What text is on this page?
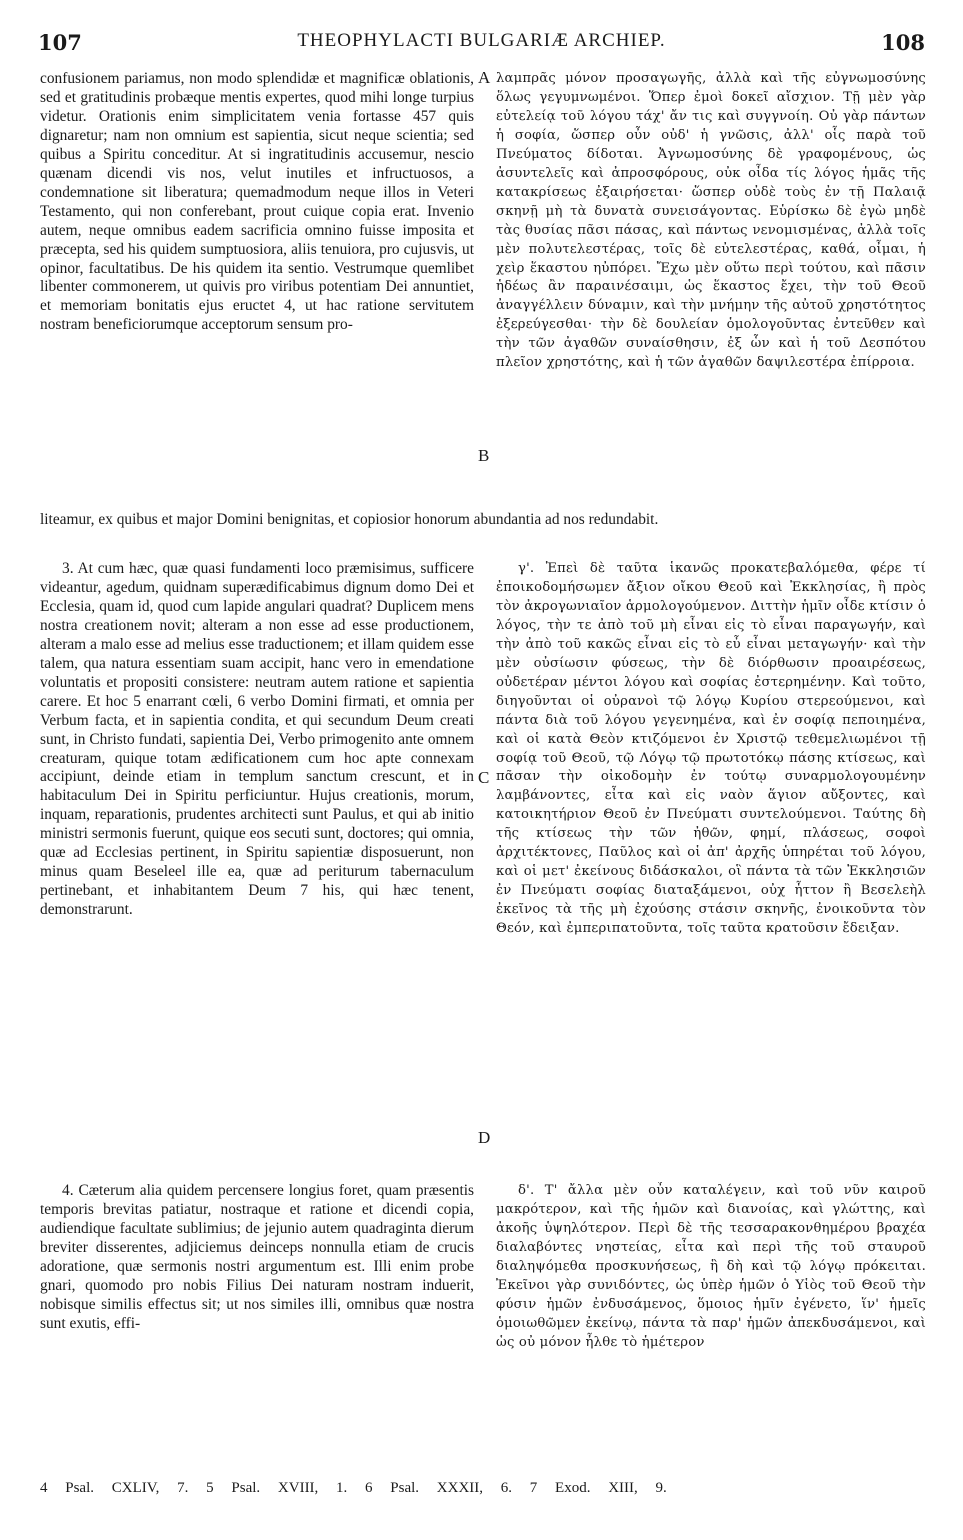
107	THEOPHYLACTI BULGARIÆ ARCHIEP.	108

confusionem pariamus, non modo splendidæ et magnificæ oblationis, sed et gratitudinis probæque mentis expertes, quod mihi longe turpius videtur. Orationis enim simplicitatem venia fortasse 457 quis dignaretur; nam non omnium est sapientia, sicut neque scientia; sed quibus a Spiritu conceditur. At si ingratitudinis accusemur, nescio quænam dicendi vis nos, velut inutiles et infructuosos, a condemnatione sit liberatura; quemadmodum neque illos in Veteri Testamento, qui non conferebant, prout cuique copia erat. Invenio autem, neque omnibus eadem sacrificia omnino fuisse imposita et præcepta, sed his quidem sumptuosiora, aliis tenuiora, pro cujusvis, ut opinor, facultatibus. De his quidem ita sentio. Vestrumque quemlibet libenter commonerem, ut quivis pro viribus potentiam Dei annuntiet, et memoriam bonitatis ejus eructet 4, ut hac ratione servitutem nostram beneficiorumque acceptorum sensum pro-

λαμπρᾶς μόνον προσαγωγῆς, ἀλλὰ καὶ τῆς εὐγνωμοσύνης ὅλως γεγυμνωμένοι. Ὅπερ ἐμοὶ δοκεῖ αἴσχιον. Τῇ μὲν γὰρ εὐτελείᾳ τοῦ λόγου τάχ' ἄν τις καὶ συγγνοίη. Οὐ γὰρ πάντων ἡ σοφία, ὥσπερ οὖν οὐδ' ἡ γνῶσις, ἀλλ' οἷς παρὰ τοῦ Πνεύματος δίδοται. Ἀγνωμοσύνης δὲ γραφομένους, ὡς ἀσυντελεῖς καὶ ἀπροσφόρους, οὐκ οἶδα τίς λόγος ἡμᾶς τῆς κατακρίσεως ἐξαιρήσεται· ὥσπερ οὐδὲ τοὺς ἐν τῇ Παλαιᾷ σκηνῇ μὴ τὰ δυνατὰ συνεισάγοντας. Εὑρίσκω δὲ ἐγὼ μηδὲ τὰς θυσίας πᾶσι πάσας, καὶ πάντως νενομισμένας, ἀλλὰ τοῖς μὲν πολυτελεστέρας, τοῖς δὲ εὐτελεστέρας, καθά, οἶμαι, ἡ χεὶρ ἕκαστου ηὐπόρει. Ἔχω μὲν οὕτω περὶ τούτου, καὶ πᾶσιν ἡδέως ἂν παραινέσαιμι, ὡς ἕκαστος ἔχει, τὴν τοῦ Θεοῦ ἀναγγέλλειν δύναμιν, καὶ τὴν μνήμην τῆς αὐτοῦ χρηστότητος ἐξερεύγεσθαι· τὴν δὲ δουλείαν ὁμολογοῦντας ἐντεῦθεν καὶ τὴν τῶν ἀγαθῶν συναίσθησιν, ἐξ ὧν καὶ ἡ τοῦ Δεσπότου πλεῖον χρηστότης, καὶ ἡ τῶν ἀγαθῶν δαψιλεστέρα ἐπίρροια.

liteamur, ex quibus et major Domini benignitas, et copiosior honorum abundantia ad nos redundabit.

3. At cum hæc, quæ quasi fundamenti loco præmisimus, sufficere videantur, agedum, quidnam superædificabimus dignum domo Dei et Ecclesia, quam id, quod cum lapide angulari quadrat? Duplicem mens nostra creationem novit; alteram a non esse ad esse productionem, alteram a malo esse ad melius esse traductionem; et illam quidem esse talem, qua natura essentiam suam accipit, hanc vero in emendatione voluntatis et propositi consistere: neutram autem ratione et sapientia carere. Et hoc 5 enarrant cœli, 6 verbo Domini firmati, et omnia per Verbum facta, et in sapientia condita, et qui secundum Deum creati sunt, in Christo fundati, sapientia Dei, Verbo primogenito ante omnem creaturam, quique totam ædificationem cum hoc apte connexam accipiunt, deinde etiam in templum sanctum crescunt, et in habitaculum Dei in Spiritu perficiuntur. Hujus creationis, morum, inquam, reparationis, prudentes architecti sunt Paulus, et qui ab initio ministri sermonis fuerunt, quique eos secuti sunt, doctores; qui omnia, quæ ad Ecclesias pertinent, in Spiritu sapientiæ disposuerunt, non minus quam Beseleel ille ea, quæ ad periturum tabernaculum pertinebant, et inhabitantem Deum 7 his, qui hæc tenent, demonstrarunt.

γ'. Ἐπεὶ δὲ ταῦτα ἱκανῶς προκατεβαλόμεθα, φέρε τί ἐποικοδομήσωμεν ἄξιον οἴκου Θεοῦ καὶ Ἐκκλησίας, ἢ πρὸς τὸν ἀκρογωνιαῖον ἁρμολογούμενον. Διττὴν ἡμῖν οἶδε κτίσιν ὁ λόγος, τὴν τε ἀπὸ τοῦ μὴ εἶναι εἰς τὸ εἶναι παραγωγήν, καὶ τὴν ἀπὸ τοῦ κακῶς εἶναι εἰς τὸ εὖ εἶναι μεταγωγήν· καὶ τὴν μὲν οὐσίωσιν φύσεως, τὴν δὲ διόρθωσιν προαιρέσεως, οὐδετέραν μέντοι λόγου καὶ σοφίας ἐστερημένην. Καὶ τοῦτο, διηγοῦνται οἱ οὐρανοὶ τῷ λόγῳ Κυρίου στερεούμενοι, καὶ πάντα διὰ τοῦ λόγου γεγενημένα, καὶ ἐν σοφίᾳ πεποιημένα, καὶ οἱ κατὰ Θεὸν κτιζόμενοι ἐν Χριστῷ τεθεμελιωμένοι τῇ σοφίᾳ τοῦ Θεοῦ, τῷ Λόγῳ τῷ πρωτοτόκῳ πάσης κτίσεως, καὶ πᾶσαν τὴν οἰκοδομὴν ἐν τούτῳ συναρμολογουμένην λαμβάνοντες, εἶτα καὶ εἰς ναὸν ἅγιον αὔξοντες, καὶ κατοικητήριον Θεοῦ ἐν Πνεύματι συντελούμενοι. Ταύτης δὴ τῆς κτίσεως τὴν τῶν ἠθῶν, φημί, πλάσεως, σοφοὶ ἀρχιτέκτονες, Παῦλος καὶ οἱ ἀπ' ἀρχῆς ὑπηρέται τοῦ λόγου, καὶ οἱ μετ' ἐκείνους διδάσκαλοι, οἳ πάντα τὰ τῶν Ἐκκλησιῶν ἐν Πνεύματι σοφίας διαταξάμενοι, οὐχ ἧττον ἢ Βεσελεὴλ ἐκεῖνος τὰ τῆς μὴ ἐχούσης στάσιν σκηνῆς, ἐνοικοῦντα τὸν Θεόν, καὶ ἐμπεριπατοῦντα, τοῖς ταῦτα κρατοῦσιν ἔδειξαν.

4. Cæterum alia quidem percensere longius foret, quam præsentis temporis brevitas patiatur, nostraque et ratione et dicendi copia, audiendique facultate sublimius; de jejunio autem quadraginta dierum breviter disserentes, adjiciemus deinceps nonnulla etiam de crucis adoratione, quæ sermonis nostri argumentum est. Illi enim probe gnari, quomodo pro nobis Filius Dei naturam nostram induerit, nobisque similis effectus sit; ut nos similes illi, omnibus quæ nostra sunt exutis, effi-

δ'. Τ' ἄλλα μὲν οὖν καταλέγειν, καὶ τοῦ νῦν καιροῦ μακρότερον, καὶ τῆς ἡμῶν καὶ διανοίας, καὶ γλώττης, καὶ ἀκοῆς ὑψηλότερον. Περὶ δὲ τῆς τεσσαρακονθημέρου βραχέα διαλαβόντες νηστείας, εἶτα καὶ περὶ τῆς τοῦ σταυροῦ διαληψόμεθα προσκυνήσεως, ἣ δὴ καὶ τῷ λόγῳ πρόκειται. Ἐκεῖνοι γὰρ συνιδόντες, ὡς ὑπὲρ ἡμῶν ὁ Υἱὸς τοῦ Θεοῦ τὴν φύσιν ἡμῶν ἐνδυσάμενος, ὅμοιος ἡμῖν ἐγένετο, ἵν' ἡμεῖς ὁμοιωθῶμεν ἐκείνῳ, πάντα τὰ παρ' ἡμῶν ἀπεκδυσάμενοι, καὶ ὡς οὐ μόνον ἦλθε τὸ ἡμέτερον

A
B
C
D
4 Psal. CXLIV, 7. 5 Psal. XVIII, 1. 6 Psal. XXXII, 6. 7 Exod. XIII, 9.
